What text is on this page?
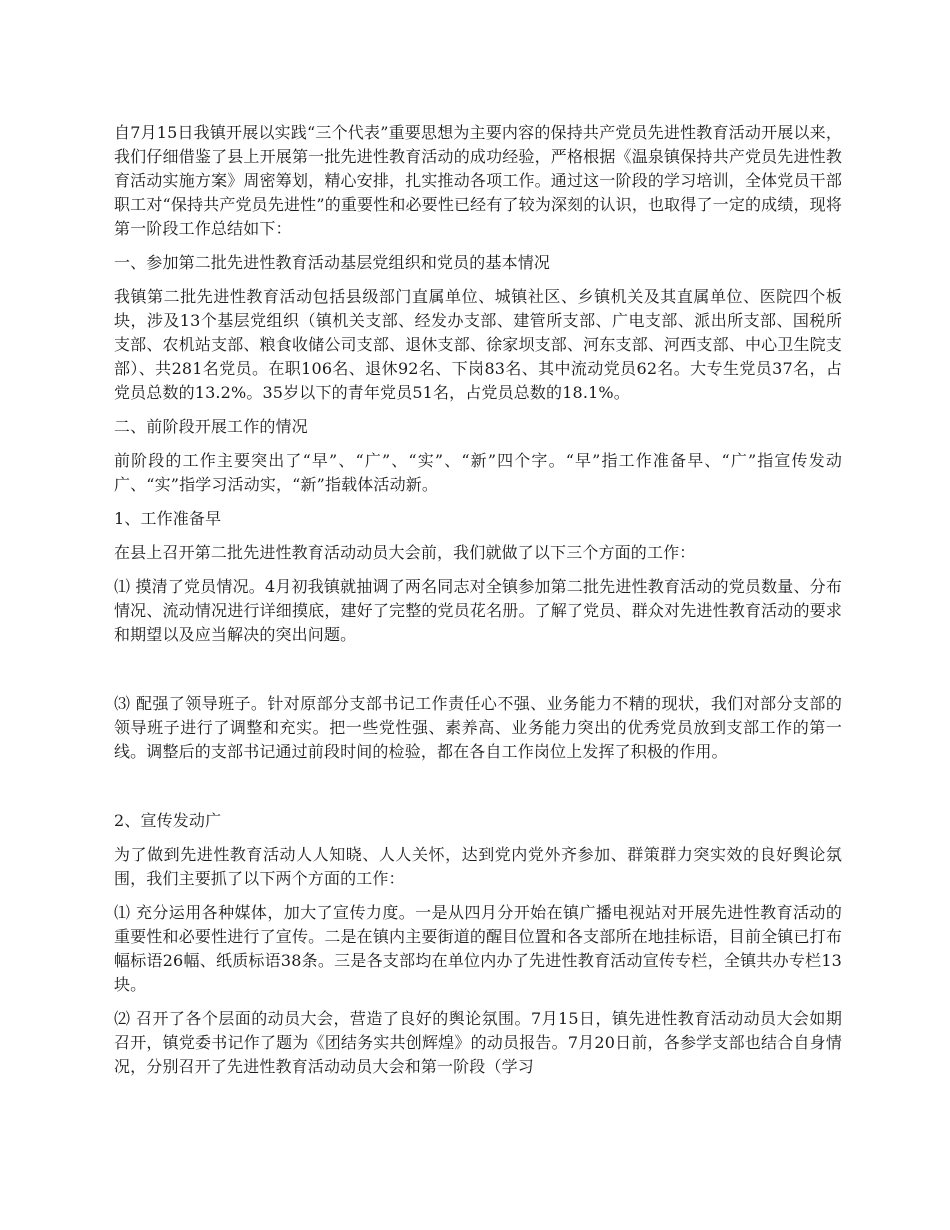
自7月15日我镇开展以实践“三个代表”重要思想为主要内容的保持共产党员先进性教育活动开展以来，我们仔细借鉴了县上开展第一批先进性教育活动的成功经验，严格根据《温泉镇保持共产党员先进性教育活动实施方案》周密筹划，精心安排，扎实推动各项工作。通过这一阶段的学习培训，全体党员干部职工对“保持共产党员先进性”的重要性和必要性已经有了较为深刻的认识，也取得了一定的成绩，现将第一阶段工作总结如下：

一、参加第二批先进性教育活动基层党组织和党员的基本情况

我镇第二批先进性教育活动包括县级部门直属单位、城镇社区、乡镇机关及其直属单位、医院四个板块，涉及13个基层党组织（镇机关支部、经发办支部、建管所支部、广电支部、派出所支部、国税所支部、农机站支部、粮食收储公司支部、退休支部、徐家坝支部、河东支部、河西支部、中心卫生院支部）、共281名党员。在职106名、退休92名、下岗83名、其中流动党员62名。大专生党员37名，占党员总数的13.2%。35岁以下的青年党员51名，占党员总数的18.1%。

二、前阶段开展工作的情况

前阶段的工作主要突出了“早”、“广”、“实”、“新”四个字。“早”指工作准备早、“广”指宣传发动广、“实”指学习活动实，“新”指载体活动新。

1、工作准备早

在县上召开第二批先进性教育活动动员大会前，我们就做了以下三个方面的工作：

⑴ 摸清了党员情况。4月初我镇就抽调了两名同志对全镇参加第二批先进性教育活动的党员数量、分布情况、流动情况进行详细摸底，建好了完整的党员花名册。了解了党员、群众对先进性教育活动的要求和期望以及应当解决的突出问题。

⑶ 配强了领导班子。针对原部分支部书记工作责任心不强、业务能力不精的现状，我们对部分支部的领导班子进行了调整和充实。把一些党性强、素养高、业务能力突出的优秀党员放到支部工作的第一线。调整后的支部书记通过前段时间的检验，都在各自工作岗位上发挥了积极的作用。

2、宣传发动广

为了做到先进性教育活动人人知晓、人人关怀，达到党内党外齐参加、群策群力突实效的良好舆论氛围，我们主要抓了以下两个方面的工作：

⑴ 充分运用各种媒体，加大了宣传力度。一是从四月分开始在镇广播电视站对开展先进性教育活动的重要性和必要性进行了宣传。二是在镇内主要街道的醒目位置和各支部所在地挂标语，目前全镇已打布幅标语26幅、纸质标语38条。三是各支部均在单位内办了先进性教育活动宣传专栏，全镇共办专栏13块。

⑵ 召开了各个层面的动员大会，营造了良好的舆论氛围。7月15日，镇先进性教育活动动员大会如期召开，镇党委书记作了题为《团结务实共创辉煌》的动员报告。7月20日前，各参学支部也结合自身情况，分别召开了先进性教育活动动员大会和第一阶段（学习
